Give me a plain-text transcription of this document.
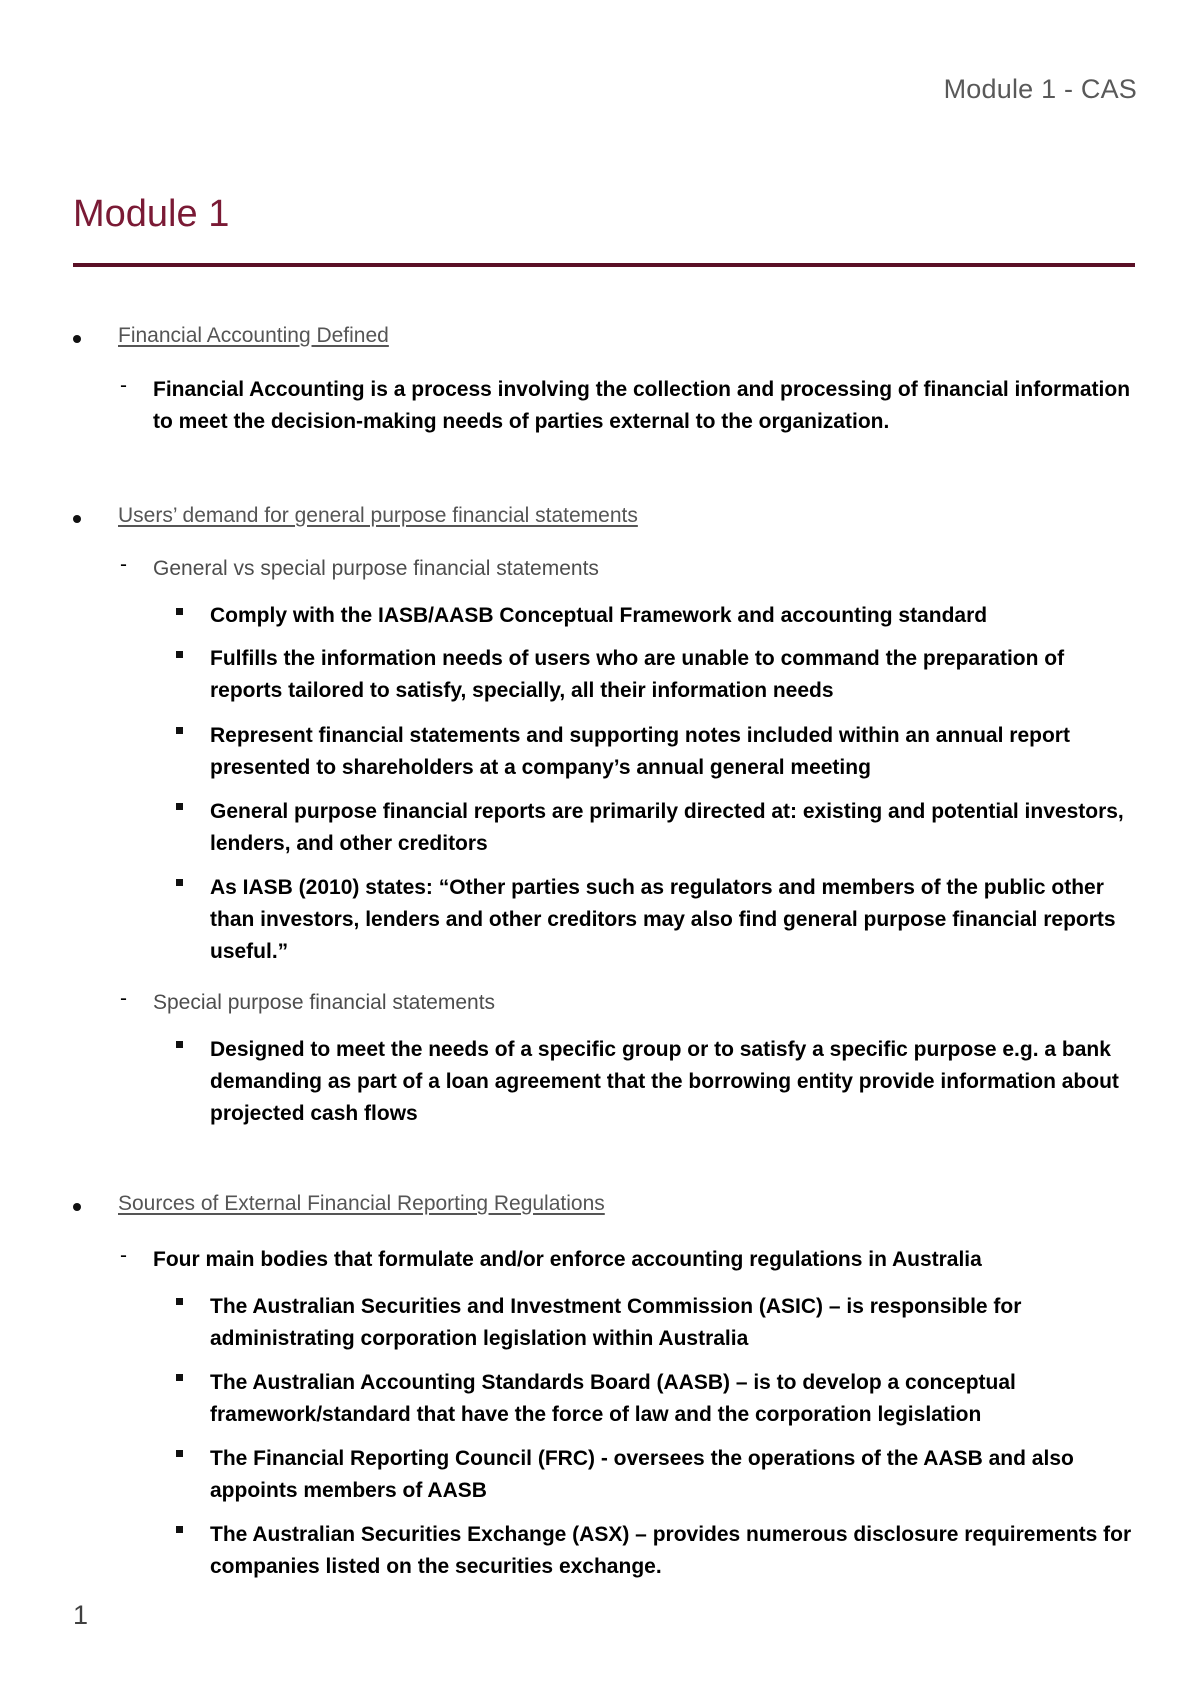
Module 1 - CAS
Module 1
Financial Accounting Defined
- Financial Accounting is a process involving the collection and processing of financial information to meet the decision-making needs of parties external to the organization.
Users’ demand for general purpose financial statements
- General vs special purpose financial statements
Comply with the IASB/AASB Conceptual Framework and accounting standard
Fulfills the information needs of users who are unable to command the preparation of reports tailored to satisfy, specially, all their information needs
Represent financial statements and supporting notes included within an annual report presented to shareholders at a company’s annual general meeting
General purpose financial reports are primarily directed at: existing and potential investors, lenders, and other creditors
As IASB (2010) states: “Other parties such as regulators and members of the public other than investors, lenders and other creditors may also find general purpose financial reports useful.”
- Special purpose financial statements
Designed to meet the needs of a specific group or to satisfy a specific purpose e.g. a bank demanding as part of a loan agreement that the borrowing entity provide information about projected cash flows
Sources of External Financial Reporting Regulations
- Four main bodies that formulate and/or enforce accounting regulations in Australia
The Australian Securities and Investment Commission (ASIC) – is responsible for administrating corporation legislation within Australia
The Australian Accounting Standards Board (AASB) – is to develop a conceptual framework/standard that have the force of law and the corporation legislation
The Financial Reporting Council (FRC) - oversees the operations of the AASB and also appoints members of AASB
The Australian Securities Exchange (ASX) – provides numerous disclosure requirements for companies listed on the securities exchange.
1
